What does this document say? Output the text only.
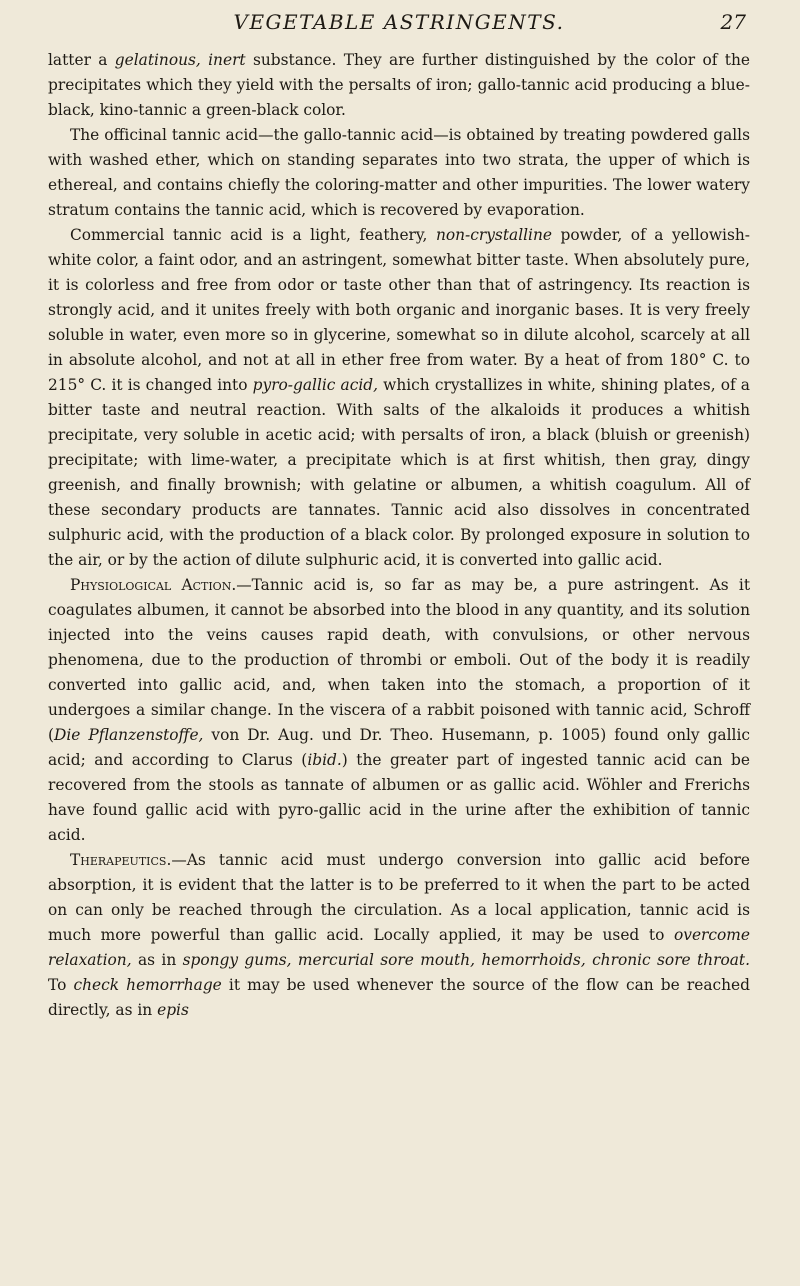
VEGETABLE ASTRINGENTS.	27

latter a gelatinous, inert substance. They are further distinguished by the color of the precipitates which they yield with the persalts of iron; gallo-tannic acid producing a blue-black, kino-tannic a green-black color.

The officinal tannic acid—the gallo-tannic acid—is obtained by treating powdered galls with washed ether, which on standing separates into two strata, the upper of which is ethereal, and contains chiefly the coloring-matter and other impurities. The lower watery stratum contains the tannic acid, which is recovered by evaporation.

Commercial tannic acid is a light, feathery, non-crystalline powder, of a yellowish-white color, a faint odor, and an astringent, somewhat bitter taste. When absolutely pure, it is colorless and free from odor or taste other than that of astringency. Its reaction is strongly acid, and it unites freely with both organic and inorganic bases. It is very freely soluble in water, even more so in glycerine, somewhat so in dilute alcohol, scarcely at all in absolute alcohol, and not at all in ether free from water. By a heat of from 180° C. to 215° C. it is changed into pyro-gallic acid, which crystallizes in white, shining plates, of a bitter taste and neutral reaction. With salts of the alkaloids it produces a whitish precipitate, very soluble in acetic acid; with persalts of iron, a black (bluish or greenish) precipitate; with lime-water, a precipitate which is at first whitish, then gray, dingy greenish, and finally brownish; with gelatine or albumen, a whitish coagulum. All of these secondary products are tannates. Tannic acid also dissolves in concentrated sulphuric acid, with the production of a black color. By prolonged exposure in solution to the air, or by the action of dilute sulphuric acid, it is converted into gallic acid.

Physiological Action.—Tannic acid is, so far as may be, a pure astringent. As it coagulates albumen, it cannot be absorbed into the blood in any quantity, and its solution injected into the veins causes rapid death, with convulsions, or other nervous phenomena, due to the production of thrombi or emboli. Out of the body it is readily converted into gallic acid, and, when taken into the stomach, a proportion of it undergoes a similar change. In the viscera of a rabbit poisoned with tannic acid, Schroff (Die Pflanzenstoffe, von Dr. Aug. und Dr. Theo. Husemann, p. 1005) found only gallic acid; and according to Clarus (ibid.) the greater part of ingested tannic acid can be recovered from the stools as tannate of albumen or as gallic acid. Wöhler and Frerichs have found gallic acid with pyro-gallic acid in the urine after the exhibition of tannic acid.

Therapeutics.—As tannic acid must undergo conversion into gallic acid before absorption, it is evident that the latter is to be preferred to it when the part to be acted on can only be reached through the circulation. As a local application, tannic acid is much more powerful than gallic acid. Locally applied, it may be used to overcome relaxation, as in spongy gums, mercurial sore mouth, hemorrhoids, chronic sore throat. To check hemorrhage it may be used whenever the source of the flow can be reached directly, as in epis
